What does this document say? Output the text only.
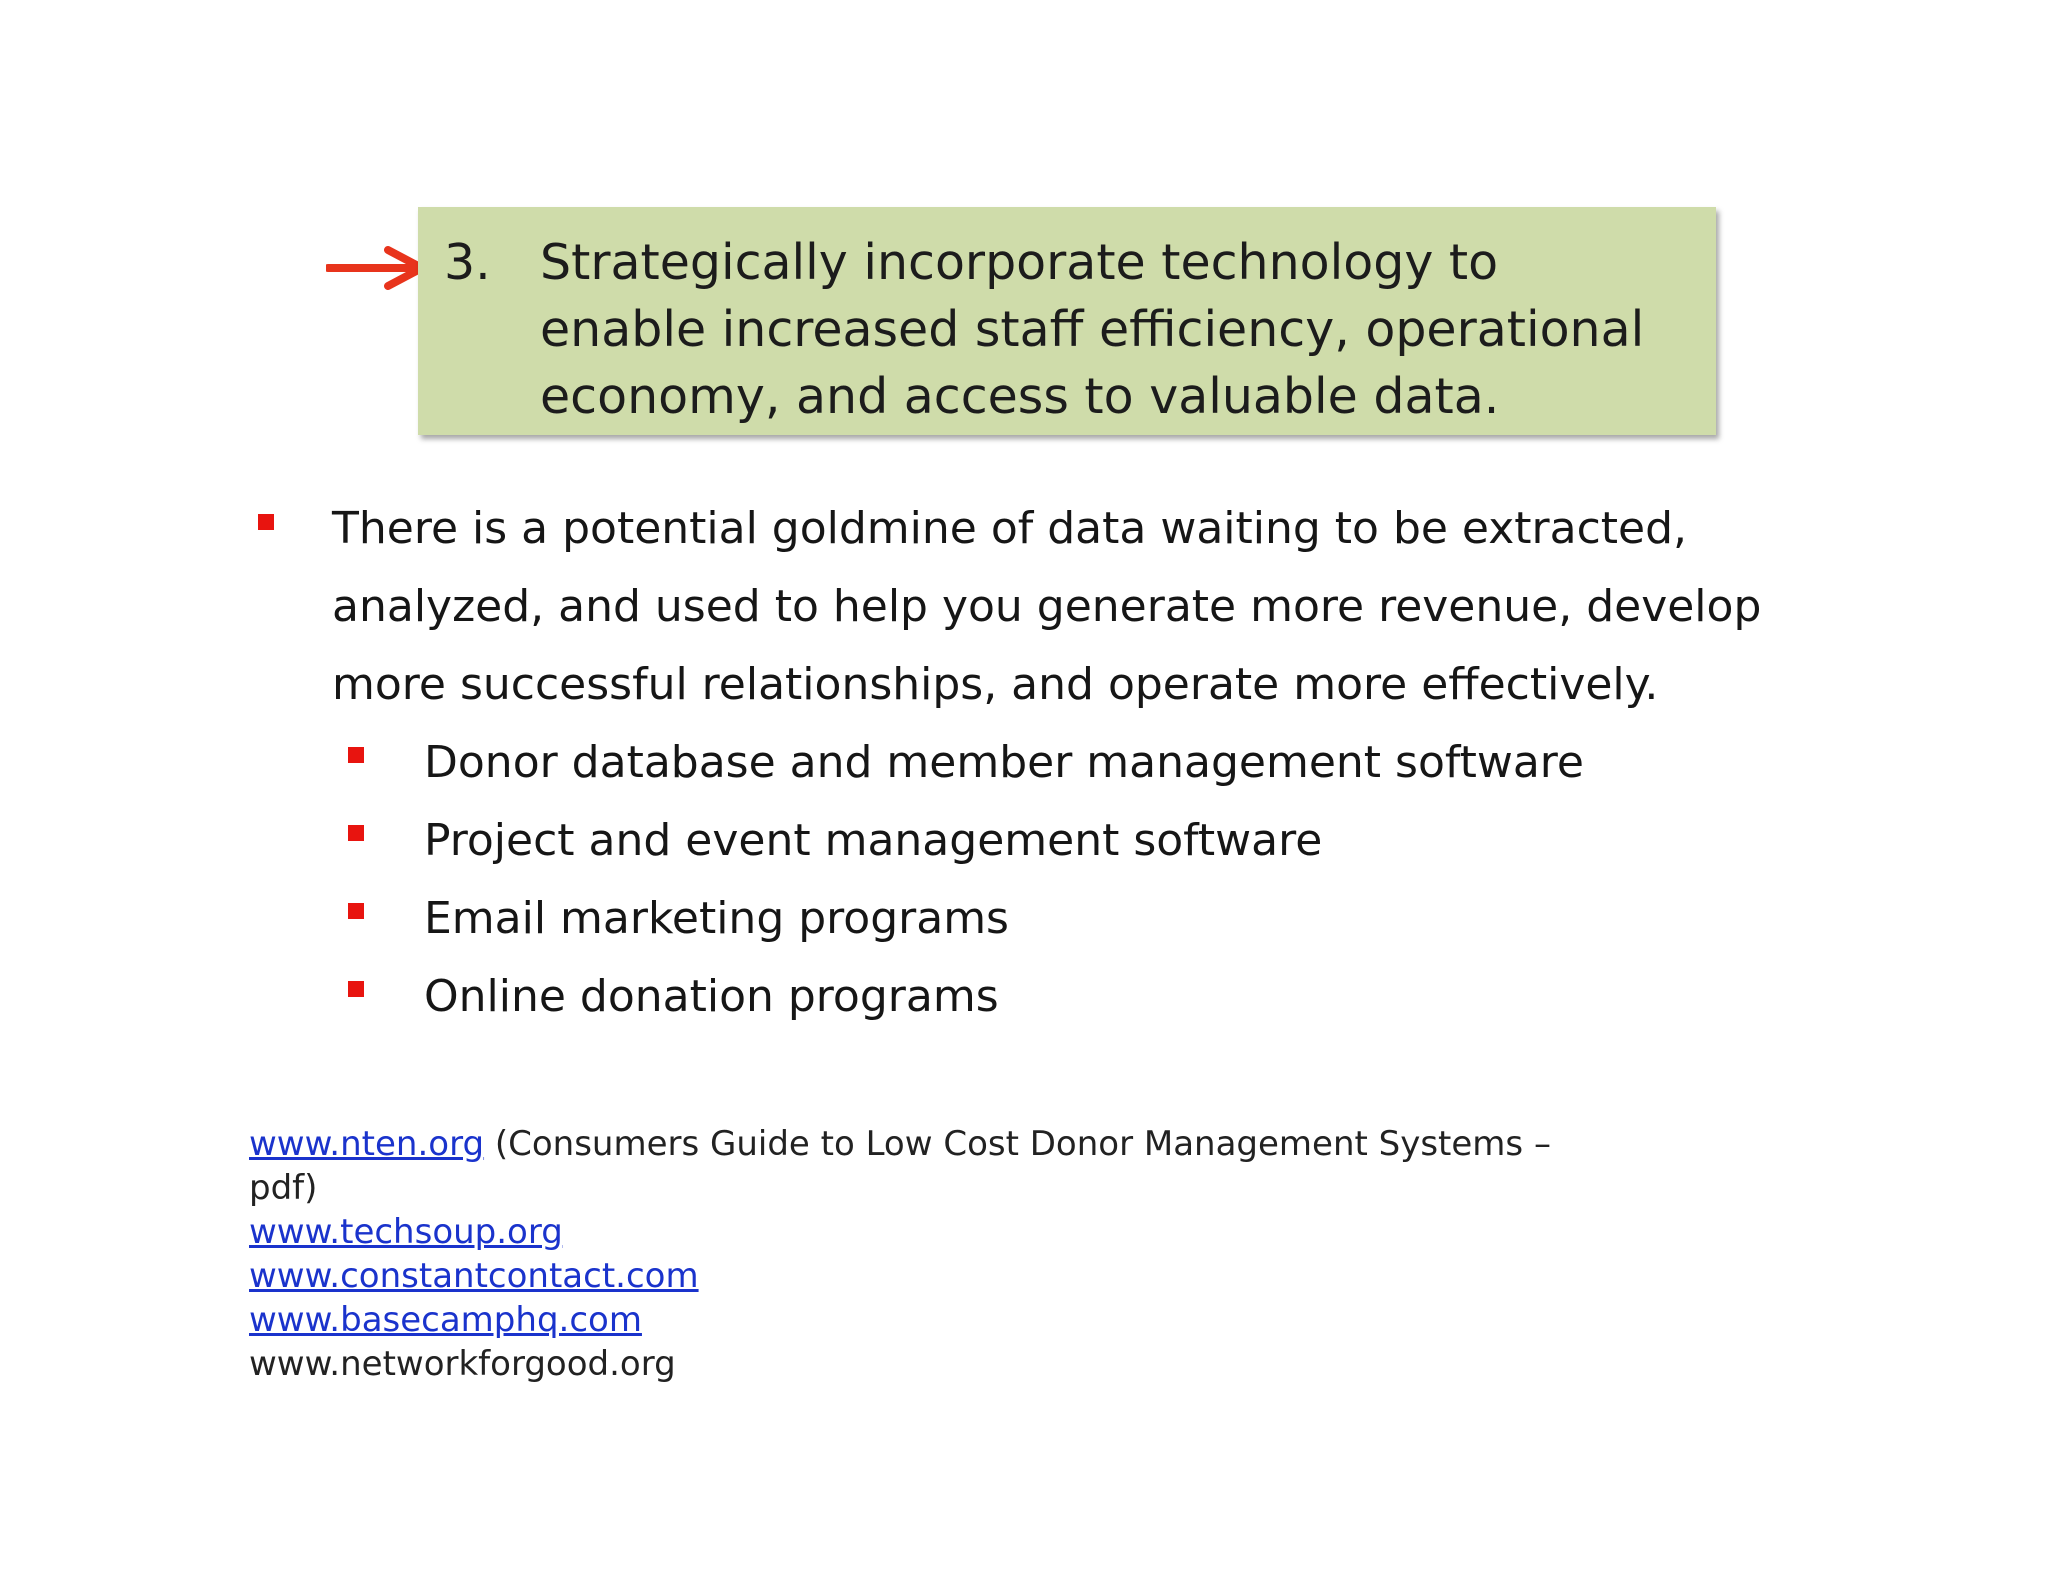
3. Strategically incorporate technology to
enable increased staff efficiency, operational
economy, and access to valuable data.
There is a potential goldmine of data waiting to be extracted,
analyzed, and used to help you generate more revenue, develop
more successful relationships, and operate more effectively.
Donor database and member management software
Project and event management software
Email marketing programs
Online donation programs
www.nten.org (Consumers Guide to Low Cost Donor Management Systems –
pdf)
www.techsoup.org
www.constantcontact.com
www.basecamphq.com
www.networkforgood.org
